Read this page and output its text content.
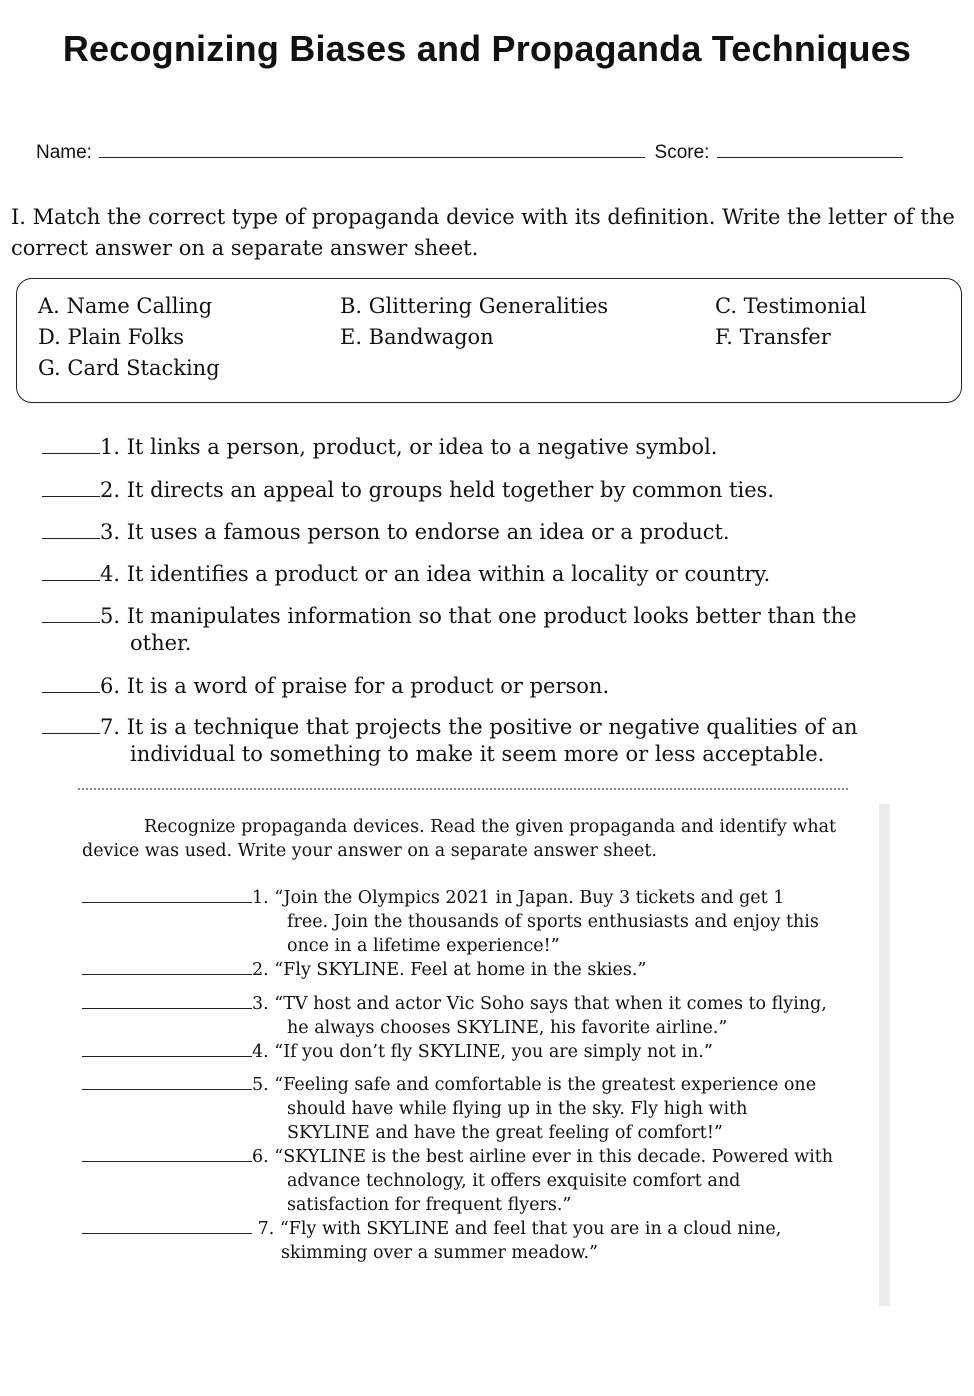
Recognizing Biases and Propaganda Techniques
Name:	Score:
I. Match the correct type of propaganda device with its definition. Write the letter of the correct answer on a separate answer sheet.
A. Name Calling	B. Glittering Generalities	C. Testimonial
D. Plain Folks	E. Bandwagon	F. Transfer
G. Card Stacking
1. It links a person, product, or idea to a negative symbol.
2. It directs an appeal to groups held together by common ties.
3. It uses a famous person to endorse an idea or a product.
4. It identifies a product or an idea within a locality or country.
5. It manipulates information so that one product looks better than the
other.
6. It is a word of praise for a product or person.
7. It is a technique that projects the positive or negative qualities of an
individual to something to make it seem more or less acceptable.
Recognize propaganda devices. Read the given propaganda and identify what
device was used. Write your answer on a separate answer sheet.
1. “Join the Olympics 2021 in Japan. Buy 3 tickets and get 1
free. Join the thousands of sports enthusiasts and enjoy this
once in a lifetime experience!”
2. “Fly SKYLINE. Feel at home in the skies.”
3. “TV host and actor Vic Soho says that when it comes to flying,
he always chooses SKYLINE, his favorite airline.”
4. “If you don’t fly SKYLINE, you are simply not in.”
5. “Feeling safe and comfortable is the greatest experience one
should have while flying up in the sky. Fly high with
SKYLINE and have the great feeling of comfort!”
6. “SKYLINE is the best airline ever in this decade. Powered with
advance technology, it offers exquisite comfort and
satisfaction for frequent flyers.”
7. “Fly with SKYLINE and feel that you are in a cloud nine,
skimming over a summer meadow.”
